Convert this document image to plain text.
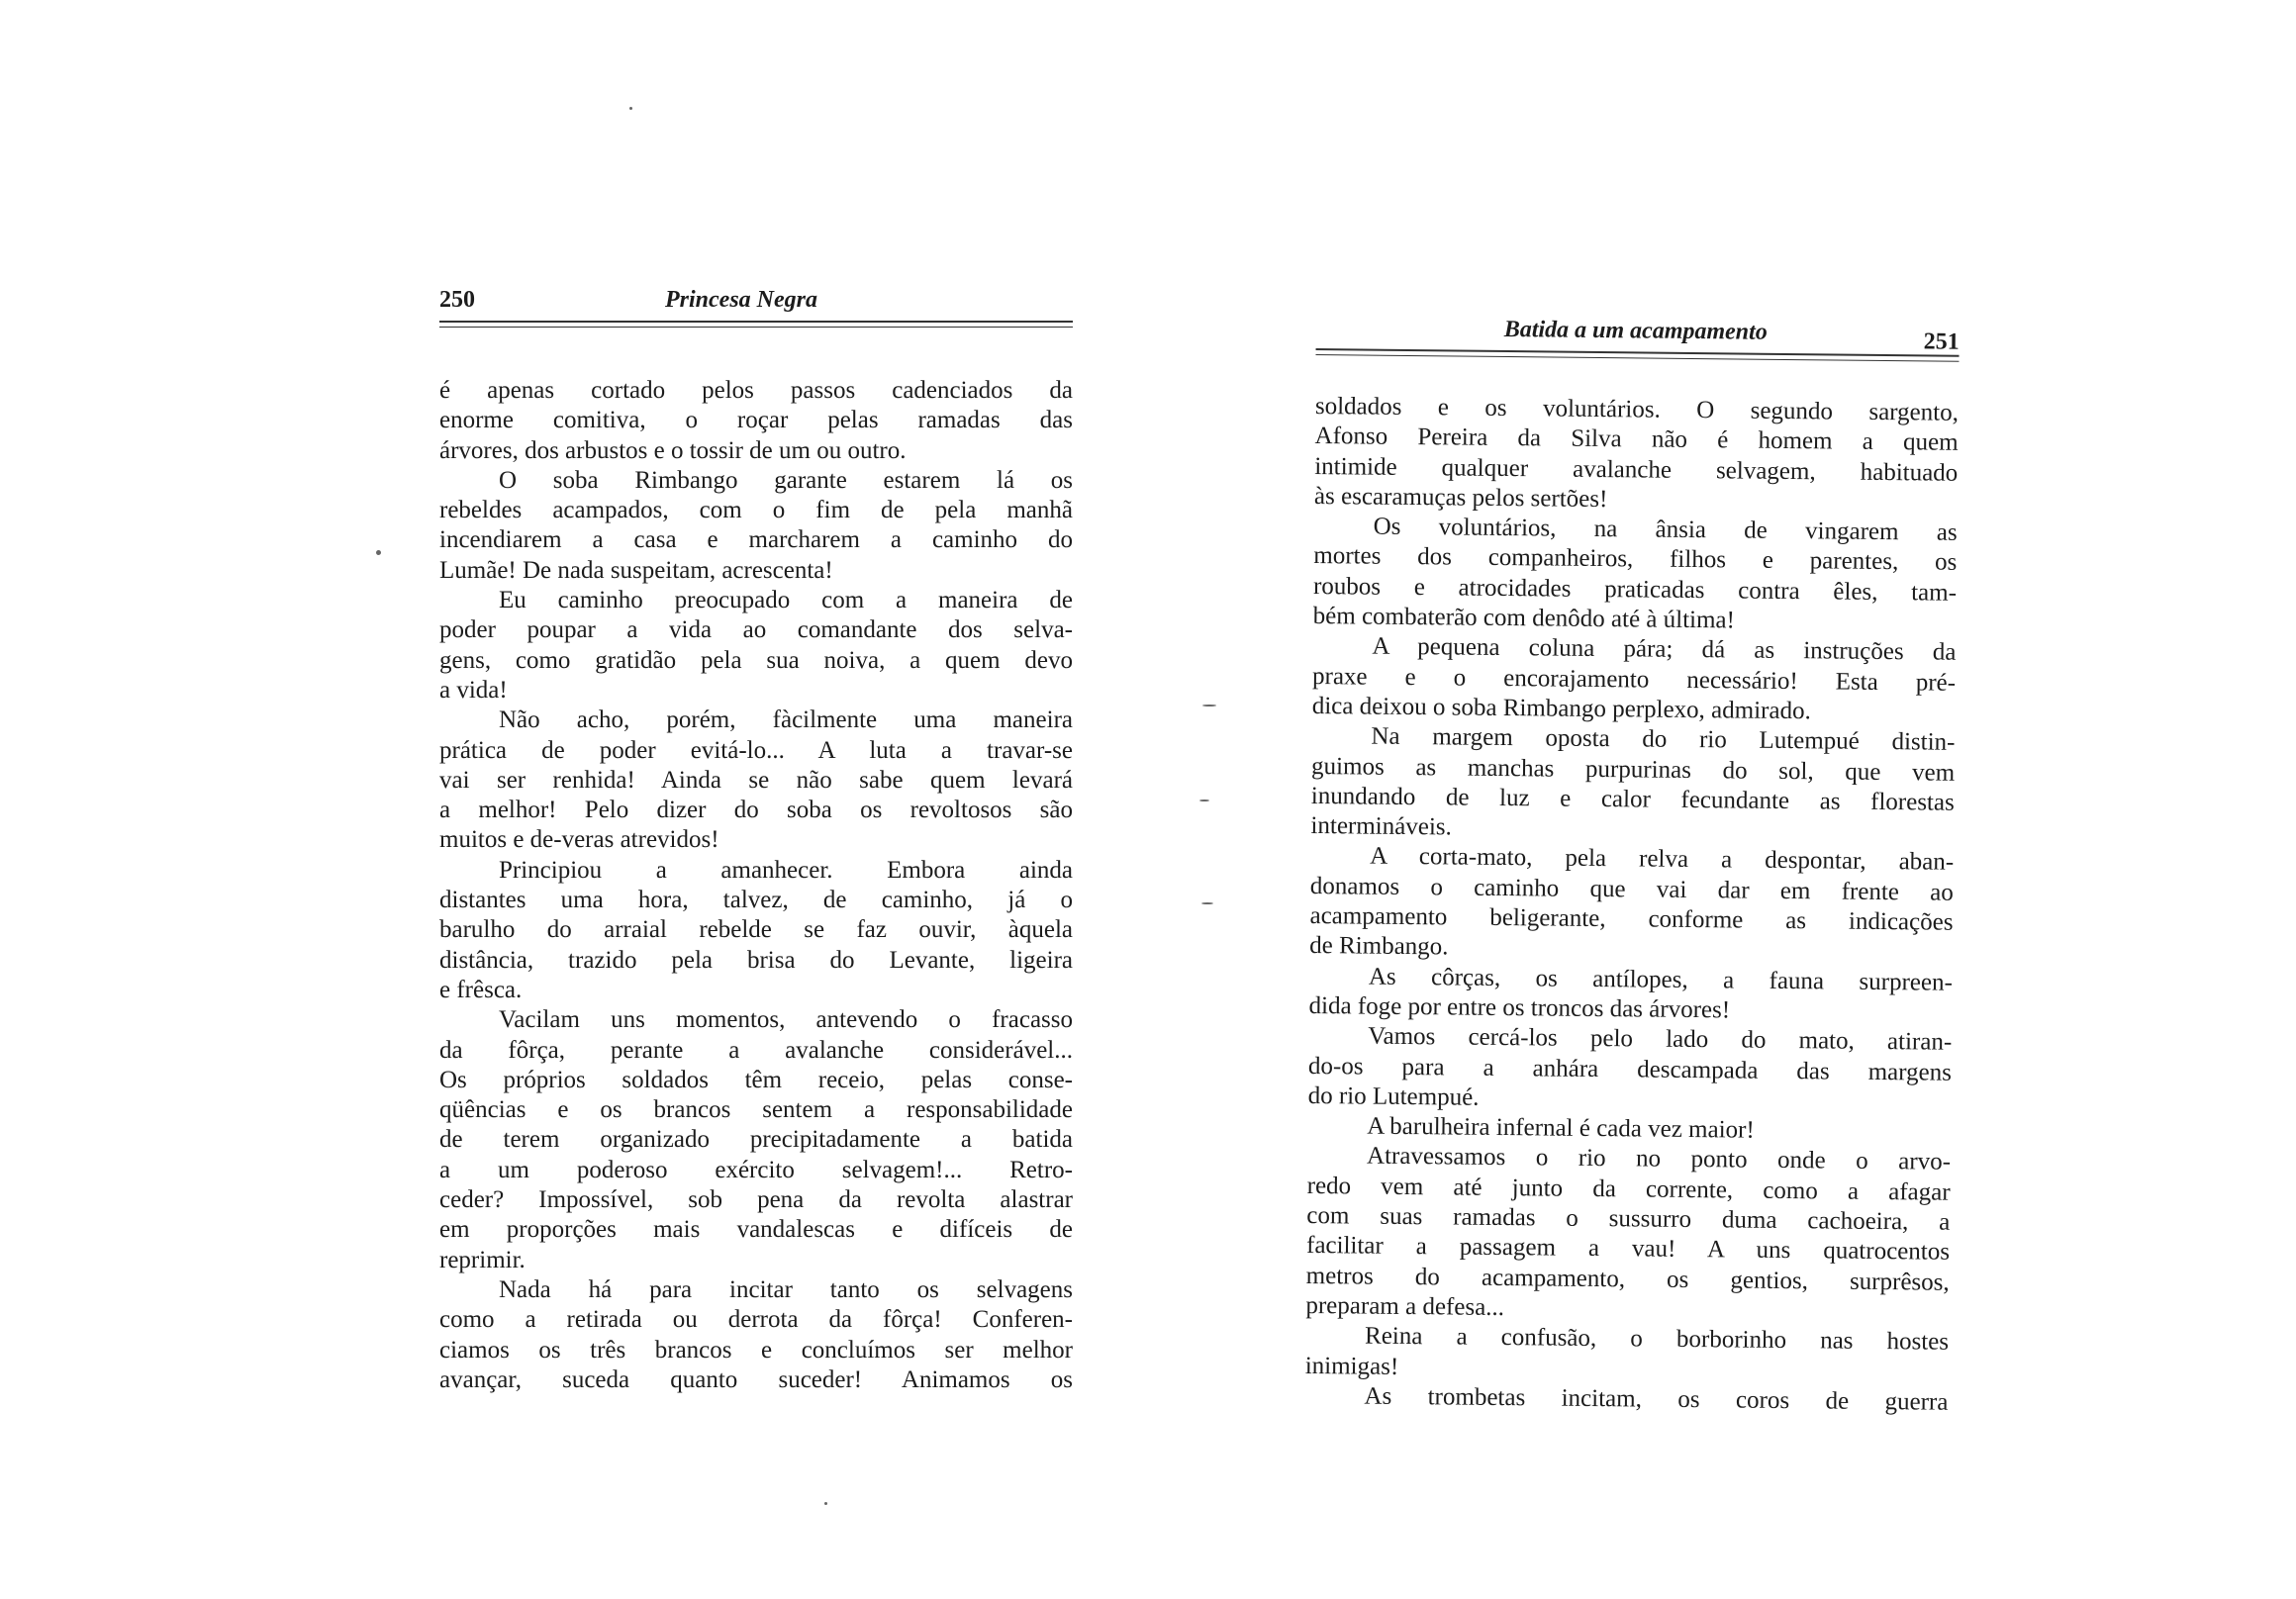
250	Princesa Negra
é apenas cortado pelos passos cadenciados da
enorme comitiva, o roçar pelas ramadas das
árvores, dos arbustos e o tossir de um ou outro.
O soba Rimbango garante estarem lá os
rebeldes acampados, com o fim de pela manhã
incendiarem a casa e marcharem a caminho do
Lumãe! De nada suspeitam, acrescenta!
Eu caminho preocupado com a maneira de
poder poupar a vida ao comandante dos selva-
gens, como gratidão pela sua noiva, a quem devo
a vida!
Não acho, porém, fàcilmente uma maneira
prática de poder evitá-lo... A luta a travar-se
vai ser renhida! Ainda se não sabe quem levará
a melhor! Pelo dizer do soba os revoltosos são
muitos e de-veras atrevidos!
Principiou a amanhecer. Embora ainda
distantes uma hora, talvez, de caminho, já o
barulho do arraial rebelde se faz ouvir, àquela
distância, trazido pela brisa do Levante, ligeira
e frêsca.
Vacilam uns momentos, antevendo o fracasso
da fôrça, perante a avalanche considerável...
Os próprios soldados têm receio, pelas conse-
qüências e os brancos sentem a responsabilidade
de terem organizado precipitadamente a batida
a um poderoso exército selvagem!... Retro-
ceder? Impossível, sob pena da revolta alastrar
em proporções mais vandalescas e difíceis de
reprimir.
Nada há para incitar tanto os selvagens
como a retirada ou derrota da fôrça! Conferen-
ciamos os três brancos e concluímos ser melhor
avançar, suceda quanto suceder! Animamos os
Batida a um acampamento	251
soldados e os voluntários. O segundo sargento,
Afonso Pereira da Silva não é homem a quem
intimide qualquer avalanche selvagem, habituado
às escaramuças pelos sertões!
Os voluntários, na ânsia de vingarem as
mortes dos companheiros, filhos e parentes, os
roubos e atrocidades praticadas contra êles, tam-
bém combaterão com denôdo até à última!
A pequena coluna pára; dá as instruções da
praxe e o encorajamento necessário! Esta pré-
dica deixou o soba Rimbango perplexo, admirado.
Na margem oposta do rio Lutempué distin-
guimos as manchas purpurinas do sol, que vem
inundando de luz e calor fecundante as florestas
intermináveis.
A corta-mato, pela relva a despontar, aban-
donamos o caminho que vai dar em frente ao
acampamento beligerante, conforme as indicações
de Rimbango.
As côrças, os antílopes, a fauna surpreen-
dida foge por entre os troncos das árvores!
Vamos cercá-los pelo lado do mato, atiran-
do-os para a anhára descampada das margens
do rio Lutempué.
A barulheira infernal é cada vez maior!
Atravessamos o rio no ponto onde o arvo-
redo vem até junto da corrente, como a afagar
com suas ramadas o sussurro duma cachoeira, a
facilitar a passagem a vau! A uns quatrocentos
metros do acampamento, os gentios, surprêsos,
preparam a defesa...
Reina a confusão, o borborinho nas hostes
inimigas!
As trombetas incitam, os coros de guerra
